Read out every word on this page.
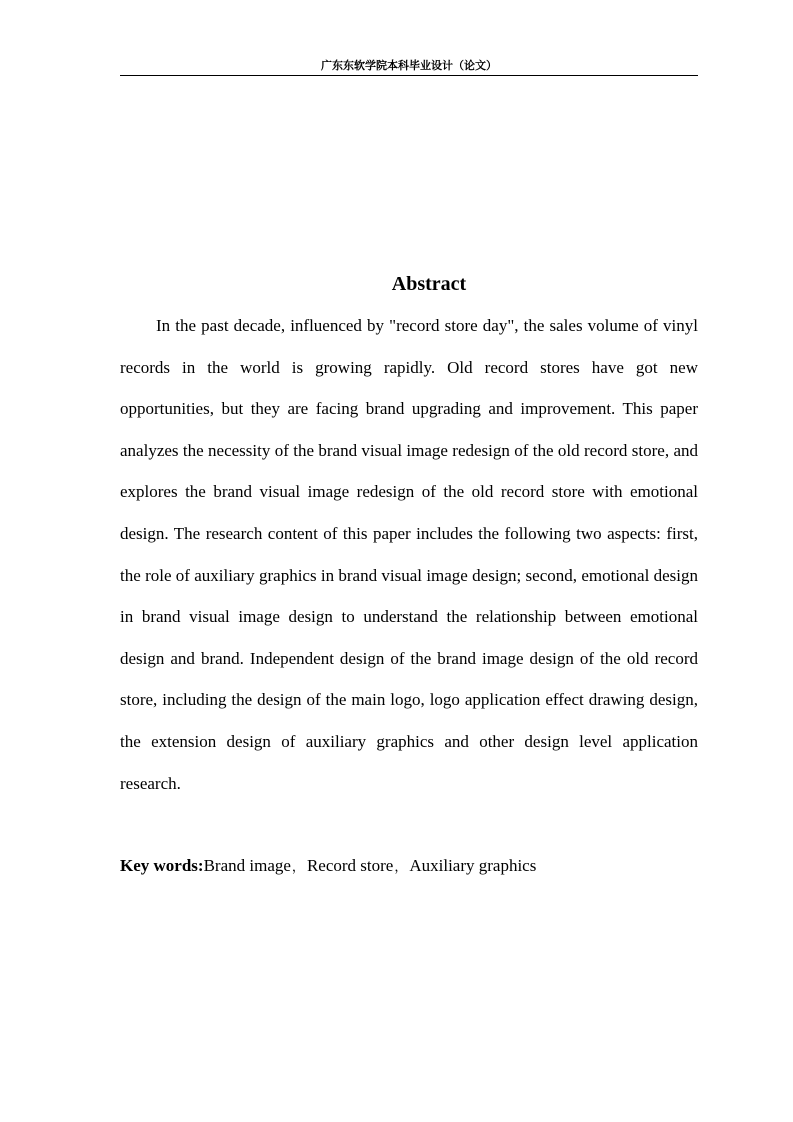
广东东软学院本科毕业设计（论文）
Abstract

In the past decade, influenced by "record store day", the sales volume of vinyl records in the world is growing rapidly. Old record stores have got new opportunities, but they are facing brand upgrading and improvement. This paper analyzes the necessity of the brand visual image redesign of the old record store, and explores the brand visual image redesign of the old record store with emotional design. The research content of this paper includes the following two aspects: first, the role of auxiliary graphics in brand visual image design; second, emotional design in brand visual image design to understand the relationship between emotional design and brand. Independent design of the brand image design of the old record store, including the design of the main logo, logo application effect drawing design, the extension design of auxiliary graphics and other design level application research.

Key words:Brand image， Record store， Auxiliary graphics
